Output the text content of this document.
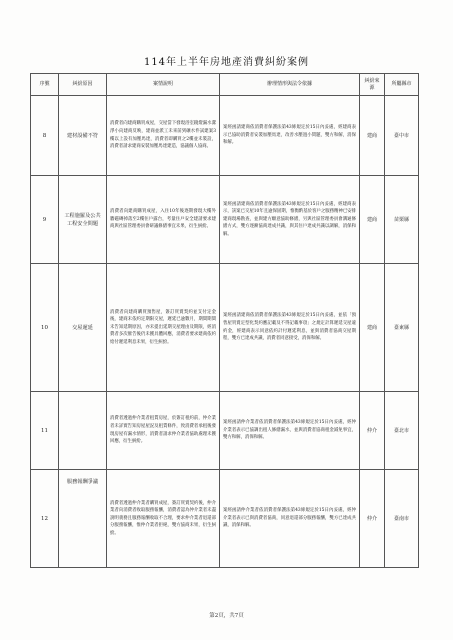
114年上半年房地產消費糾紛案例
序號	糾紛原因	案情說明	辦理情形與法令依據	糾紛來源	所屬縣市
8	建材設備不符	消費者向建商購買成屋，交屋當下發現浴室鏡燈漏水潔淨小向建商反映，建商並派工未來前到礦水件試建案3樓以上設有加壓馬達，消費者即購買之2樓並未裝設，消費者請求建商安裝加壓馬達建造，協議個人協商。	案經函請建商依消費者保護法第43條規定於15日內妥處，經建商表示已協助消費者安裝加壓馬達，改善水壓過小問題，雙方和解，消保和解。	建商	臺中市
9	工程施羅及公共工程安全問題	消費者向建商購買成屋，入住10年後逐期發現大樓外牆磁磚掉落至2樓住戶露台，考量住戶安全建請要求建商與社區管理委員會研議修繕事宜未果，衍生糾紛。	案經函請建商依消費者保護法第43條規定於15日內妥處，經建商表示，該案已交屋10年且逾保固期，惟衡酌基於客戶之服務精神已安排建商現場勘查，並與建方願意協助修繕，另與社區管理委員會溝通修繕方式，雙方逐漸協商達成共識，與其住戶達成共識以調解，消保和解。	建商	苗栗縣
10	交屋遲延	消費者向建商購買預售屋，簽訂買賣契約並支付定金後，建商未依約定期限交屋，遲延已逾數月，期間期間未告知延期原因，亦未提出延期交屋理由及期限，經消費者多次催告後仍未獲具體回應，消費者要求建商依約給付遲延利息未果，衍生糾紛。	案經函請建商依消費者保護法第43條規定於15日內妥處，並依「預售屋買賣定型化契約應記載及不得記載事項」之規定計算遲延交屋違約金，經建商表示同意依約計付遲延利息，並與消費者協商交屋期程，雙方已達成共識，消費者同意接受，消保和解。	建商	臺東縣
11		消費者透過仲介業者租賃房屋，於簽訂租約前，仲介業者未詳實告知房屋屋況及租賃條件，致消費者承租後發現房屋有漏水情形，消費者請求仲介業者協助處理未獲回應，衍生糾紛。	案經函請仲介業者依消費者保護法第43條規定於15日內妥處，經仲介業者表示已協調出租人修繕漏水，並與消費者協商租金減免事宜，雙方和解，消保和解。	仲介	臺北市
12	服務報酬爭議	消費者透過仲介業者購買成屋，簽訂買賣契約後，仲介業者向消費者收取服務報酬，消費者認為仲介業者未盡說明義務且服務報酬收取不合理，要求仲介業者退還部分服務報酬，惟仲介業者拒絕，雙方協商未果，衍生糾紛。	案經函請仲介業者依消費者保護法第43條規定於15日內妥處，經仲介業者表示已與消費者協商，同意退還部分服務報酬，雙方已達成共識，消保和解。	仲介	臺南市
第2頁，共7頁
